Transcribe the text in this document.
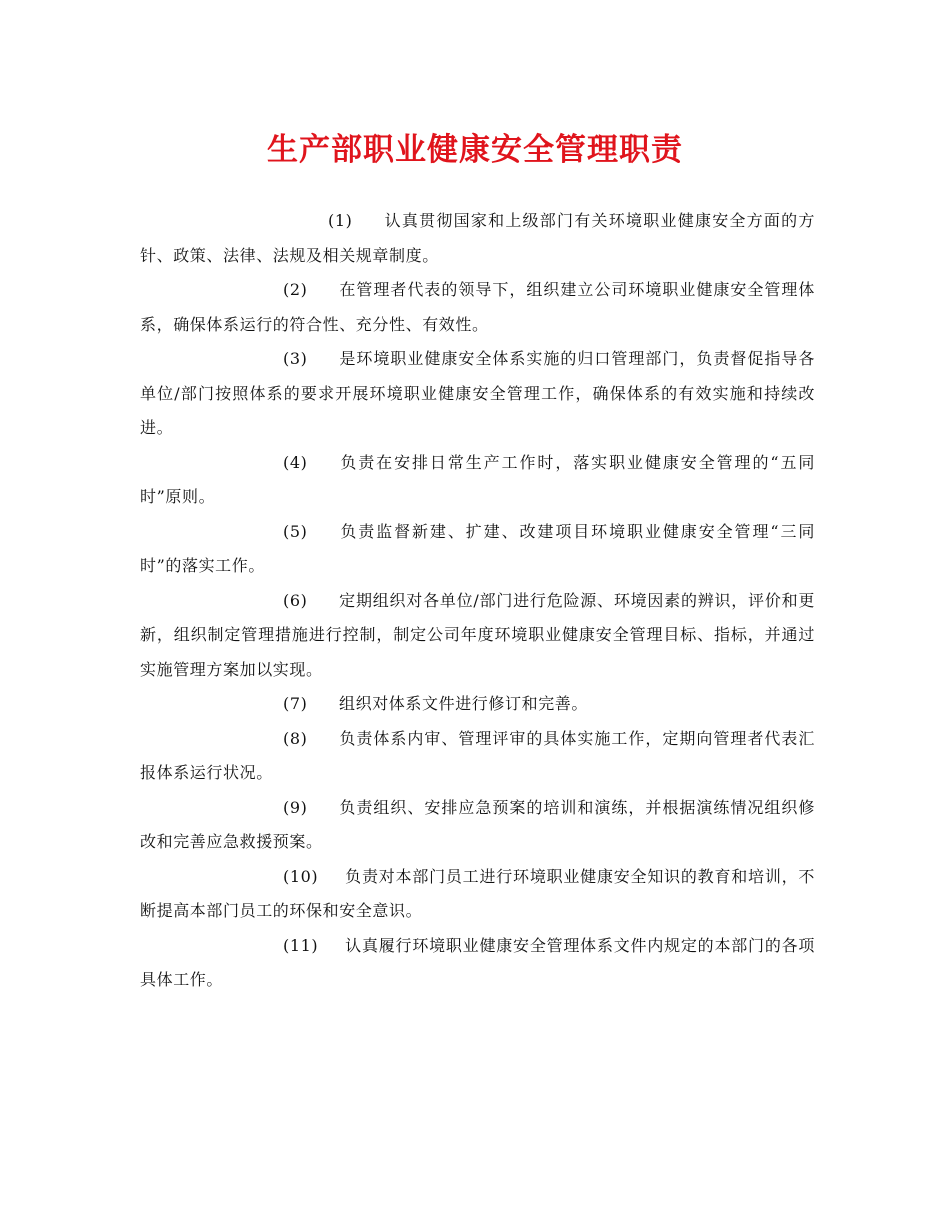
生产部职业健康安全管理职责

(1) 认真贯彻国家和上级部门有关环境职业健康安全方面的方针、政策、法律、法规及相关规章制度。

(2) 在管理者代表的领导下，组织建立公司环境职业健康安全管理体系，确保体系运行的符合性、充分性、有效性。

(3) 是环境职业健康安全体系实施的归口管理部门，负责督促指导各单位/部门按照体系的要求开展环境职业健康安全管理工作，确保体系的有效实施和持续改进。

(4) 负责在安排日常生产工作时，落实职业健康安全管理的“五同时”原则。

(5) 负责监督新建、扩建、改建项目环境职业健康安全管理“三同时”的落实工作。

(6) 定期组织对各单位/部门进行危险源、环境因素的辨识，评价和更新，组织制定管理措施进行控制，制定公司年度环境职业健康安全管理目标、指标，并通过实施管理方案加以实现。

(7) 组织对体系文件进行修订和完善。

(8) 负责体系内审、管理评审的具体实施工作，定期向管理者代表汇报体系运行状况。

(9) 负责组织、安排应急预案的培训和演练，并根据演练情况组织修改和完善应急救援预案。

(10) 负责对本部门员工进行环境职业健康安全知识的教育和培训，不断提高本部门员工的环保和安全意识。

(11) 认真履行环境职业健康安全管理体系文件内规定的本部门的各项具体工作。
